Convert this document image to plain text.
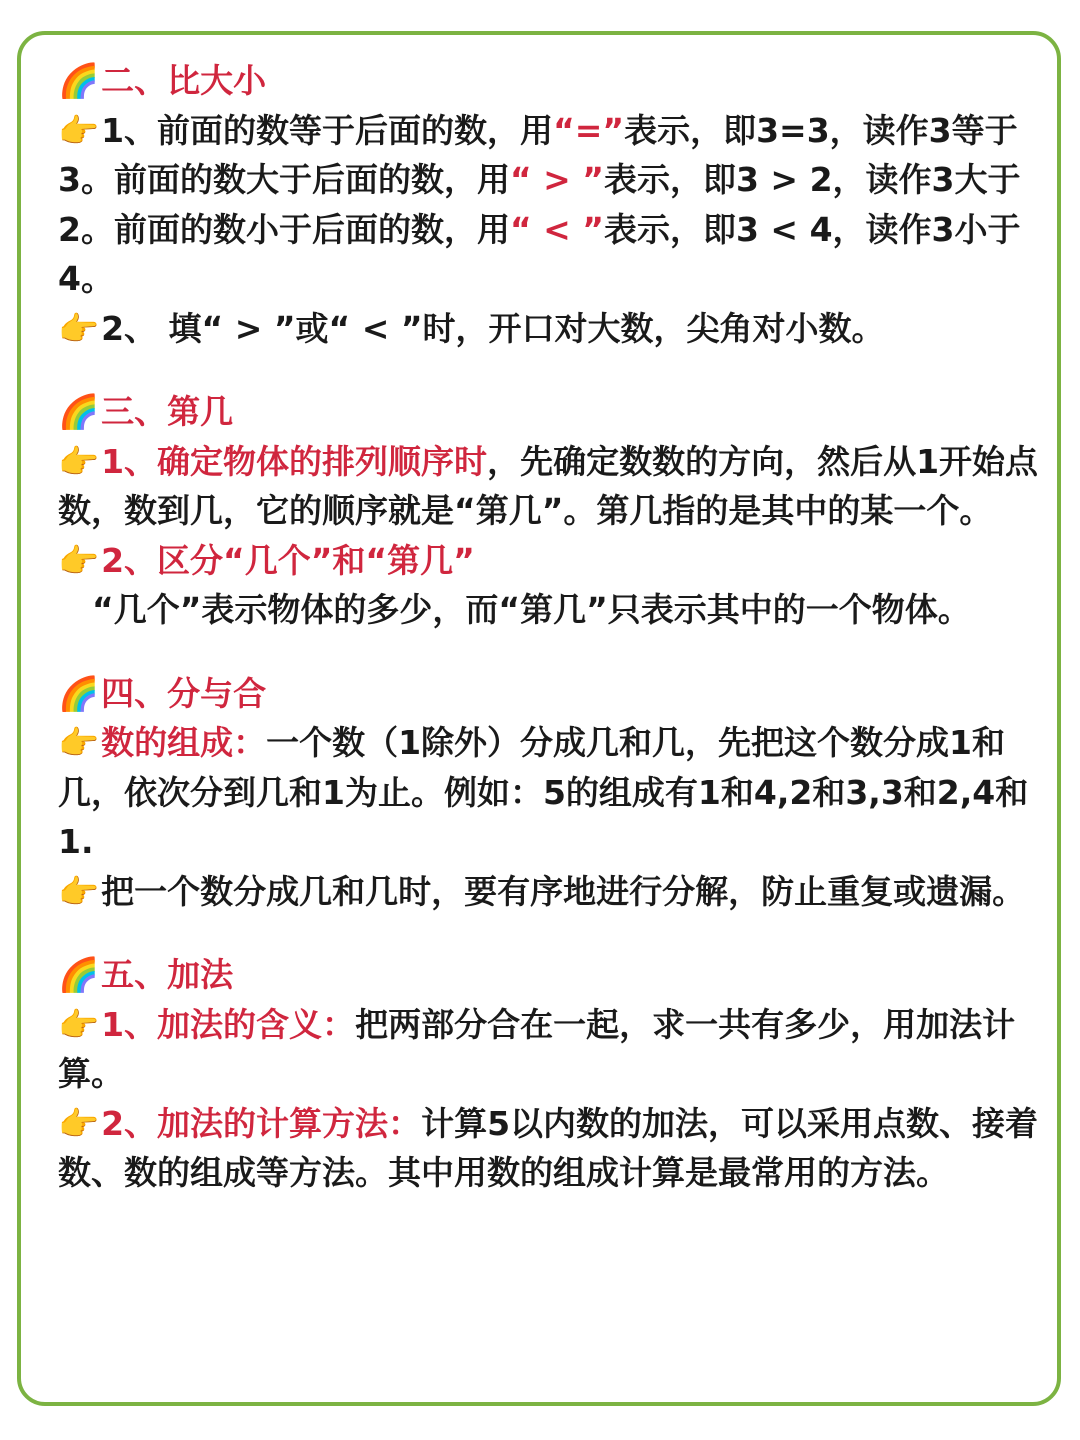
🌈二、比大小

👉1、前面的数等于后面的数，用“=”表示，即3=3，读作3等于3。前面的数大于后面的数，用“ > ”表示，即3 > 2，读作3大于2。前面的数小于后面的数，用“ < ”表示，即3 < 4，读作3小于4。

👉2、 填“ > ”或“ < ”时，开口对大数，尖角对小数。

🌈三、第几

👉1、确定物体的排列顺序时，先确定数数的方向，然后从1开始点数，数到几，它的顺序就是“第几”。第几指的是其中的某一个。

👉2、区分“几个”和“第几”

“几个”表示物体的多少，而“第几”只表示其中的一个物体。

🌈四、分与合

👉数的组成：一个数（1除外）分成几和几，先把这个数分成1和几，依次分到几和1为止。例如：5的组成有1和4,2和3,3和2,4和1.

👉把一个数分成几和几时，要有序地进行分解，防止重复或遗漏。

🌈五、加法

👉1、加法的含义：把两部分合在一起，求一共有多少，用加法计算。

👉2、加法的计算方法：计算5以内数的加法，可以采用点数、接着数、数的组成等方法。其中用数的组成计算是最常用的方法。
